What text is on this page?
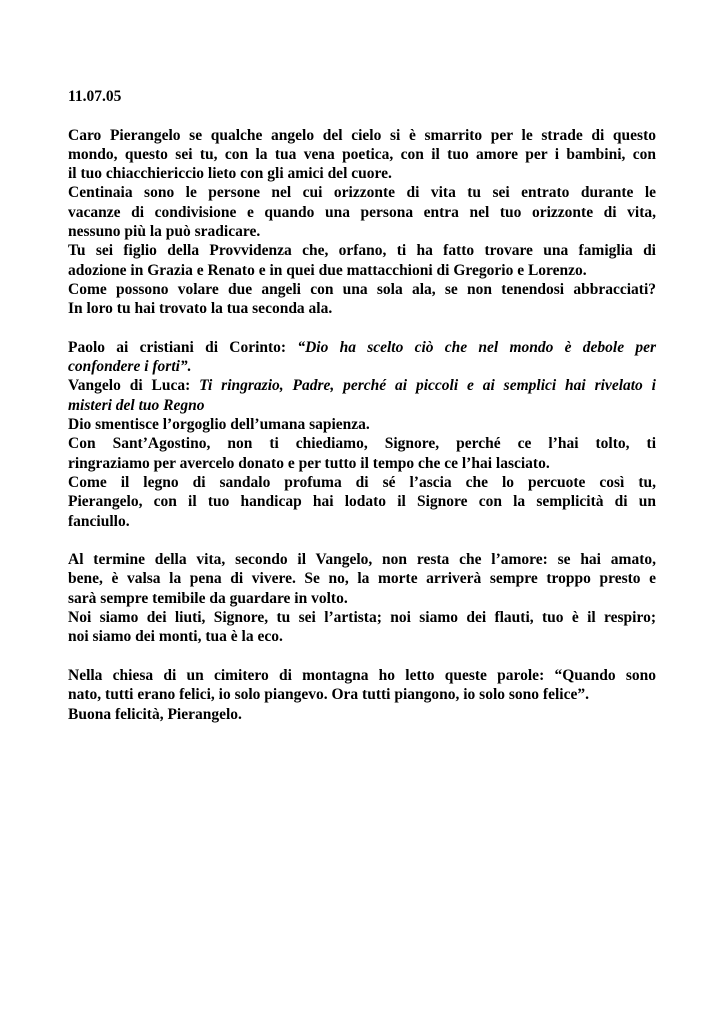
11.07.05
Caro Pierangelo se qualche angelo del cielo si è smarrito per le strade di questo
mondo, questo sei tu, con la tua vena poetica, con il tuo amore per i bambini, con
il tuo chiacchiericcio lieto con gli amici del cuore.
Centinaia sono le persone nel cui orizzonte di vita tu sei entrato durante le
vacanze di condivisione e quando una persona entra nel tuo orizzonte di vita,
nessuno più la può sradicare.
Tu sei figlio della Provvidenza che, orfano, ti ha fatto trovare una famiglia di
adozione in Grazia e Renato e in quei due mattacchioni di Gregorio e Lorenzo.
Come possono volare due angeli con una sola ala, se non tenendosi abbracciati?
In loro tu hai trovato la tua seconda ala.
Paolo ai cristiani di Corinto: “Dio ha scelto ciò che nel mondo è debole per
confondere i forti”.
Vangelo di Luca: Ti ringrazio, Padre, perché ai piccoli e ai semplici hai rivelato i
misteri del tuo Regno
Dio smentisce l’orgoglio dell’umana sapienza.
Con Sant’Agostino, non ti chiediamo, Signore, perché ce l’hai tolto, ti
ringraziamo per avercelo donato e per tutto il tempo che ce l’hai lasciato.
Come il legno di sandalo profuma di sé l’ascia che lo percuote così tu,
Pierangelo, con il tuo handicap hai lodato il Signore con la semplicità di un
fanciullo.
Al termine della vita, secondo il Vangelo, non resta che l’amore: se hai amato,
bene, è valsa la pena di vivere. Se no, la morte arriverà sempre troppo presto e
sarà sempre temibile da guardare in volto.
Noi siamo dei liuti, Signore, tu sei l’artista; noi siamo dei flauti, tuo è il respiro;
noi siamo dei monti, tua è la eco.
Nella chiesa di un cimitero di montagna ho letto queste parole: “Quando sono
nato, tutti erano felici, io solo piangevo. Ora tutti piangono, io solo sono felice”.
Buona felicità, Pierangelo.
